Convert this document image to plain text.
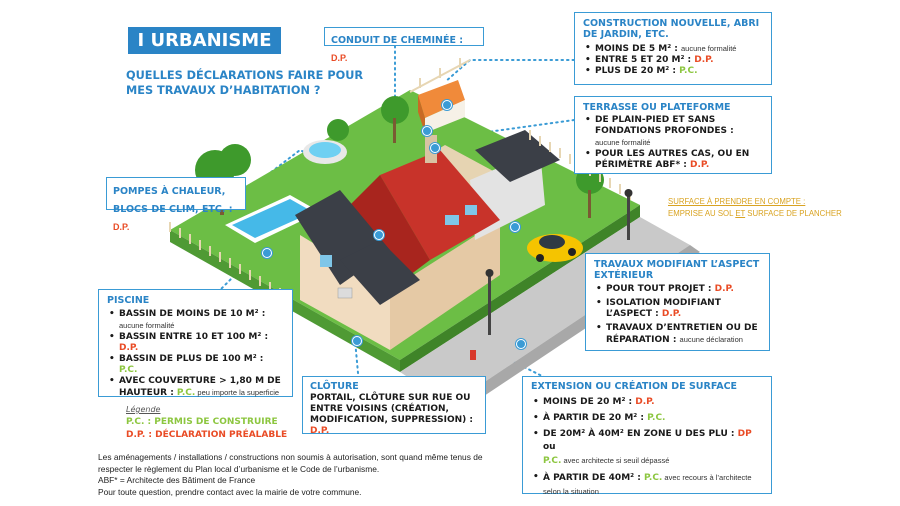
I URBANISME
QUELLES DÉCLARATIONS FAIRE POUR MES TRAVAUX D’HABITATION ?
CONDUIT DE CHEMINÉE : D.P.
CONSTRUCTION NOUVELLE, ABRI DE JARDIN, ETC.
• MOINS DE 5 M² : aucune formalité
• ENTRE 5 ET 20 M² : D.P.
• PLUS DE 20 M² : P.C.
TERRASSE OU PLATEFORME
• DE PLAIN-PIED ET SANS FONDATIONS PROFONDES :
aucune formalité
• POUR LES AUTRES CAS, OU EN PÉRIMÈTRE ABF* : D.P.
SURFACE À PRENDRE EN COMPTE :
EMPRISE AU SOL ET SURFACE DE PLANCHER
POMPES À CHALEUR, BLOCS DE CLIM, ETC. : D.P.
TRAVAUX MODIFIANT L’ASPECT EXTÉRIEUR
• POUR TOUT PROJET : D.P.
• ISOLATION MODIFIANT L’ASPECT : D.P.
• TRAVAUX D’ENTRETIEN OU DE RÉPARATION : aucune déclaration
PISCINE
• BASSIN DE MOINS DE 10 M² :
aucune formalité
• BASSIN ENTRE 10 ET 100 M² : D.P.
• BASSIN DE PLUS DE 100 M² : P.C.
• AVEC COUVERTURE > 1,80 M DE HAUTEUR : P.C. peu importe la superficie
Légende
P.C. : PERMIS DE CONSTRUIRE
D.P. : DÉCLARATION PRÉALABLE
CLÔTURE
PORTAIL, CLÔTURE SUR RUE OU ENTRE VOISINS (CRÉATION, MODIFICATION, SUPPRESSION) : D.P.
EXTENSION OU CRÉATION DE SURFACE
• MOINS DE 20 M² : D.P.
• À PARTIR DE 20 M² : P.C.
• DE 20M² À 40M² EN ZONE U DES PLU : DP ou
P.C. avec architecte si seuil dépassé
• À PARTIR DE 40M² : P.C. avec recours à l’architecte selon la situation
Les aménagements / installations / constructions non soumis à autorisation, sont quand même tenus de
respecter le règlement du Plan local d’urbanisme et le Code de l’urbanisme.
ABF* = Architecte des Bâtiment de France
Pour toute question, prendre contact avec la mairie de votre commune.
